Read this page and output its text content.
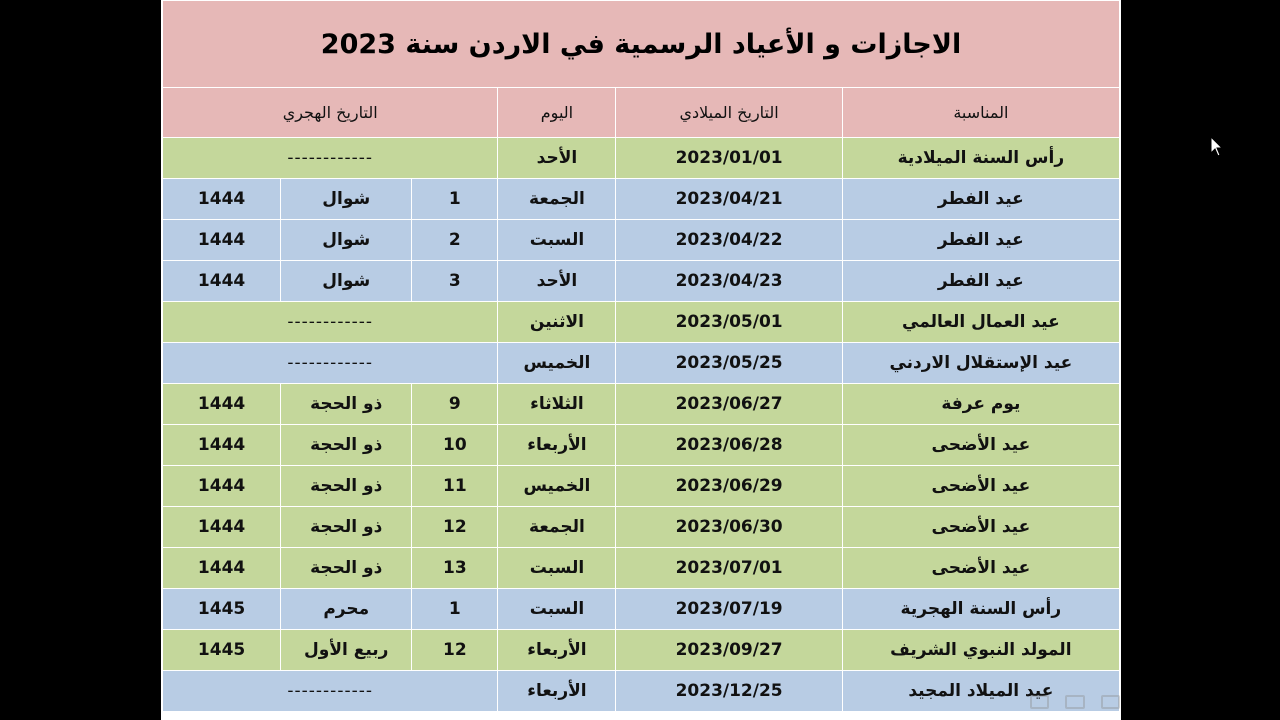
الاجازات و الأعياد الرسمية في الاردن سنة 2023					
المناسبة	التاريخ الميلادي	اليوم	التاريخ الهجري		
رأس السنة الميلادية	2023/01/01	الأحد	------------		
عيد الفطر	2023/04/21	الجمعة	1	شوال	1444
عيد الفطر	2023/04/22	السبت	2	شوال	1444
عيد الفطر	2023/04/23	الأحد	3	شوال	1444
عيد العمال العالمي	2023/05/01	الاثنين	------------		
عيد الإستقلال الاردني	2023/05/25	الخميس	------------		
يوم عرفة	2023/06/27	الثلاثاء	9	ذو الحجة	1444
عيد الأضحى	2023/06/28	الأربعاء	10	ذو الحجة	1444
عيد الأضحى	2023/06/29	الخميس	11	ذو الحجة	1444
عيد الأضحى	2023/06/30	الجمعة	12	ذو الحجة	1444
عيد الأضحى	2023/07/01	السبت	13	ذو الحجة	1444
رأس السنة الهجرية	2023/07/19	السبت	1	محرم	1445
المولد النبوي الشريف	2023/09/27	الأربعاء	12	ربيع الأول	1445
عيد الميلاد المجيد	2023/12/25	الأربعاء	------------		
